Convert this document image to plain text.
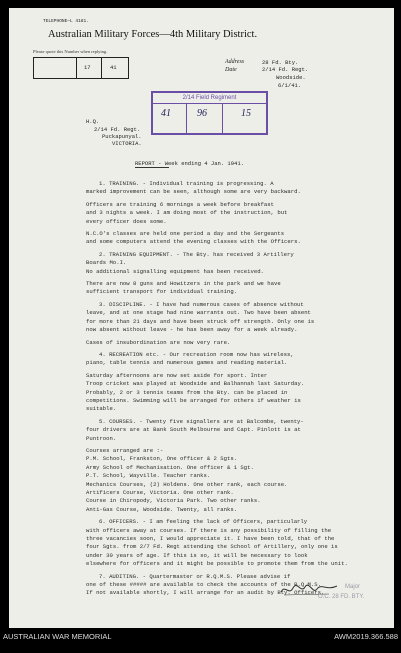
TELEPHONE—L 4181.
Australian Military Forces—4th Military District.
Please quote this Number when replying.
17	41
Address
Date
28 Fd. Bty.
2/14 Fd. Regt.
Woodside.
6/1/41.
2/14 Field Regiment
41	96	15
H.Q.
2/14 Fd. Regt.
Puckapunyal.
VICTORIA.
REPORT - Week ending 4 Jan. 1941.
1. TRAINING. - Individual training is progressing. A
marked improvement can be seen, although some are very backward.
Officers are training 6 mornings a week before breakfast
and 3 nights a week. I am doing most of the instruction, but
every officer does some.
N.C.O's classes are held one period a day and the Sergeants
and some computers attend the evening classes with the Officers.
2. TRAINING EQUIPMENT. - The Bty. has received 3 Artillery
Boards Mo.I.
No additional signalling equipment has been received.
There are now 8 guns and Howitzers in the park and we have
sufficient transport for individual training.
3. DISCIPLINE. - I have had numerous cases of absence without
leave, and at one stage had nine warrants out. Two have been absent
for more than 21 days and have been struck off strength. Only one is
now absent without leave - he has been away for a week already.
Cases of insubordination are now very rare.
4. RECREATION etc. - Our recreation room now has wireless,
piano, table tennis and numerous games and reading material.
Saturday afternoons are now set aside for sport. Inter
Troop cricket was played at Woodside and Balhannah last Saturday.
Probably, 2 or 3 tennis teams from the Bty. can be placed in
competitions. Swimming will be arranged for others if weather is
suitable.
5. COURSES. - Twenty five signallers are at Balcombe, twenty-
four drivers are at Bank South Melbourne and Capt. Pinlott is at
Puntroon.
Courses arranged are :-
P.M. School, Frankston, One officer & 2 Sgts.
Army School of Mechanisation. One officer & 1 Sgt.
P.T. School, Wayville. Teacher ranks.
Mechanics Courses, (2) Holdens. One other rank, each course.
Artificers Course, Victoria. One other rank.
Course in Chiropody, Victoria Park. Two other ranks.
Anti-Gas Course, Woodside. Twenty, all ranks.
6. OFFICERS. - I am feeling the lack of Officers, particularly
with officers away at courses. If there is any possibility of filling the
three vacancies soon, I would appreciate it. I have been told, that of the
four Sgts. from 2/7 Fd. Regt attending the School of Artillery, only one is
under 30 years of age. If this is so, it will be necessary to look
elsewhere for officers and it might be possible to promote them from the unit.
7. AUDITING. - Quartermaster or R.Q.M.S. Please advise if
one of these ##### are available to check the accounts of the B.Q.M.S.
If not available shortly, I will arrange for an audit by Bty. Officers.
Major
O.C. 28 FD. BTY.
AUSTRALIAN WAR MEMORIAL	AWM2019.366.588
